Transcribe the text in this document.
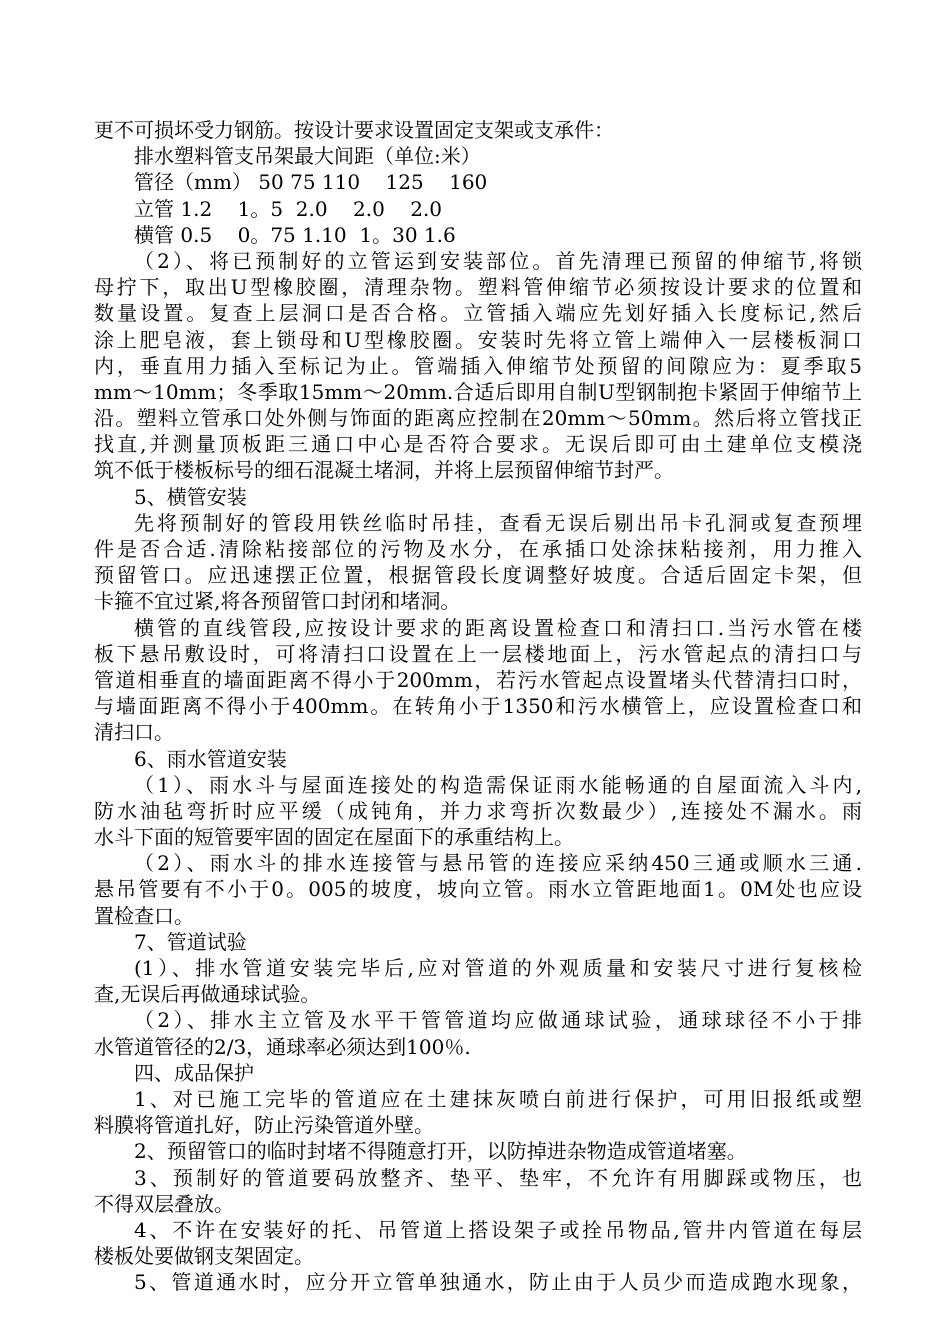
更不可损坏受力钢筋。按设计要求设置固定支架或支承件：
排水塑料管支吊架最大间距（单位:米）
管径（mm） 50 75 110    125    160
立管 1.2    1。5  2.0    2.0    2.0
横管 0.5    0。75 1.10  1。30 1.6
（2）、将已预制好的立管运到安装部位。首先清理已预留的伸缩节,将锁
母拧下，取出U型橡胶圈，清理杂物。塑料管伸缩节必须按设计要求的位置和
数量设置。复查上层洞口是否合格。立管插入端应先划好插入长度标记,然后
涂上肥皂液，套上锁母和U型橡胶圈。安装时先将立管上端伸入一层楼板洞口
内，垂直用力插入至标记为止。管端插入伸缩节处预留的间隙应为：夏季取5
mm～10mm；冬季取15mm～20mm.合适后即用自制U型钢制抱卡紧固于伸缩节上
沿。塑料立管承口处外侧与饰面的距离应控制在20mm～50mm。然后将立管找正
找直,并测量顶板距三通口中心是否符合要求。无误后即可由土建单位支模浇
筑不低于楼板标号的细石混凝土堵洞，并将上层预留伸缩节封严。
5、横管安装
先将预制好的管段用铁丝临时吊挂，查看无误后剔出吊卡孔洞或复查预埋
件是否合适.清除粘接部位的污物及水分，在承插口处涂抹粘接剂，用力推入
预留管口。应迅速摆正位置，根据管段长度调整好坡度。合适后固定卡架，但
卡箍不宜过紧,将各预留管口封闭和堵洞。
横管的直线管段,应按设计要求的距离设置检查口和清扫口.当污水管在楼
板下悬吊敷设时，可将清扫口设置在上一层楼地面上，污水管起点的清扫口与
管道相垂直的墙面距离不得小于200mm，若污水管起点设置堵头代替清扫口时，
与墙面距离不得小于400mm。在转角小于1350和污水横管上，应设置检查口和
清扫口。
6、雨水管道安装
（1）、雨水斗与屋面连接处的构造需保证雨水能畅通的自屋面流入斗内,
防水油毡弯折时应平缓（成钝角，并力求弯折次数最少）,连接处不漏水。雨
水斗下面的短管要牢固的固定在屋面下的承重结构上。
（2）、雨水斗的排水连接管与悬吊管的连接应采纳450三通或顺水三通.
悬吊管要有不小于0。005的坡度，坡向立管。雨水立管距地面1。0M处也应设
置检查口。
7、管道试验
(1）、排水管道安装完毕后,应对管道的外观质量和安装尺寸进行复核检
查,无误后再做通球试验。
（2）、排水主立管及水平干管管道均应做通球试验，通球球径不小于排
水管道管径的2/3，通球率必须达到100％.
四、成品保护
1、对已施工完毕的管道应在土建抹灰喷白前进行保护，可用旧报纸或塑
料膜将管道扎好，防止污染管道外壁。
2、预留管口的临时封堵不得随意打开，以防掉进杂物造成管道堵塞。
3、预制好的管道要码放整齐、垫平、垫牢，不允许有用脚踩或物压，也
不得双层叠放。
4、不许在安装好的托、吊管道上搭设架子或拴吊物品,管井内管道在每层
楼板处要做钢支架固定。
5、管道通水时，应分开立管单独通水，防止由于人员少而造成跑水现象，
